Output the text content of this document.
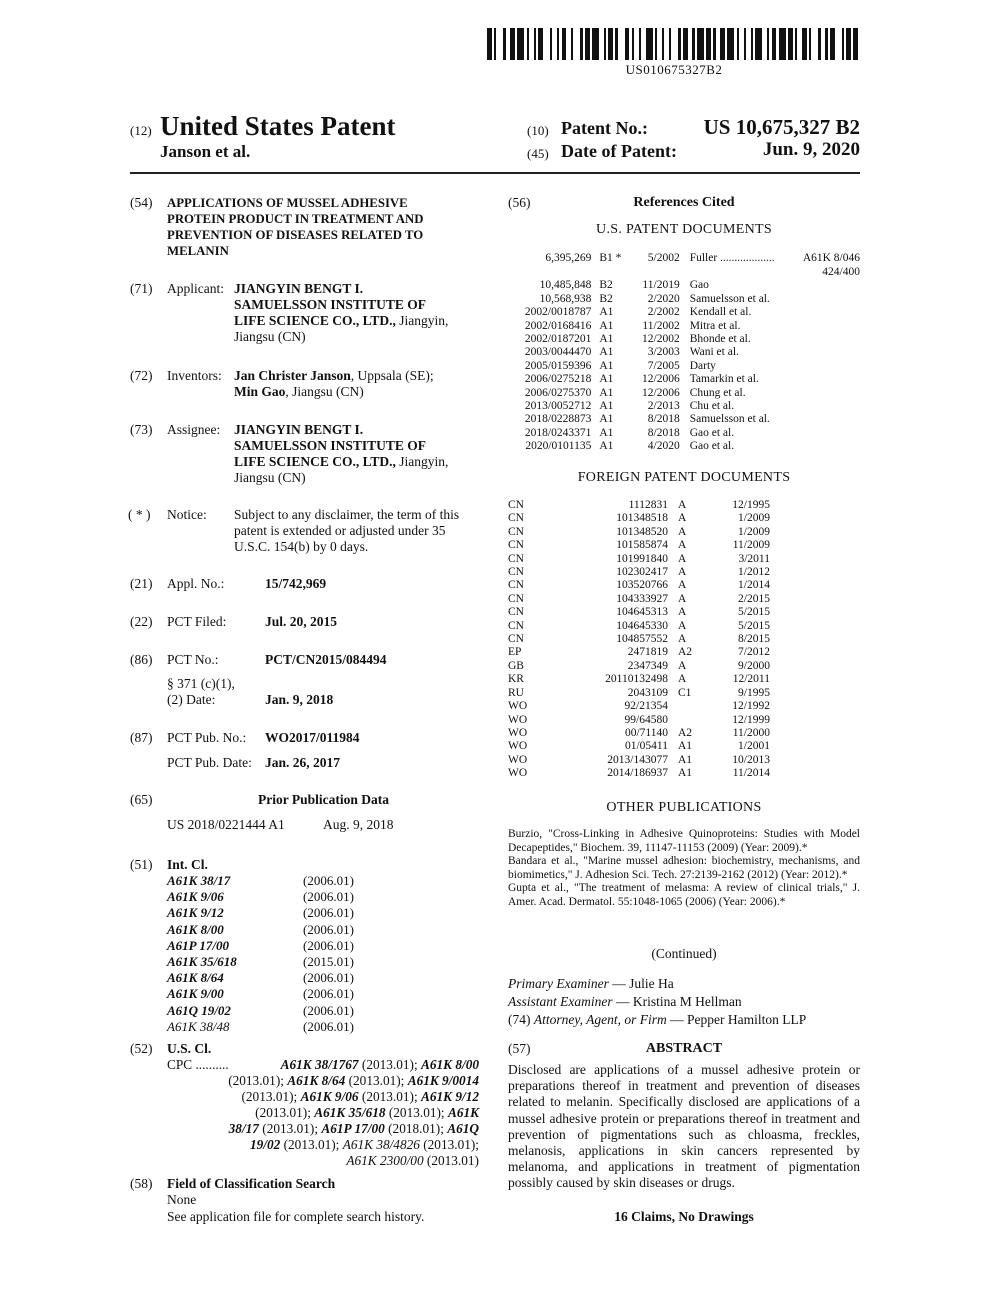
US010675327B2
(12) United States Patent
Janson et al.
(10) Patent No.:	US 10,675,327 B2
(45) Date of Patent:	Jun. 9, 2020
(54) APPLICATIONS OF MUSSEL ADHESIVE
PROTEIN PRODUCT IN TREATMENT AND
PREVENTION OF DISEASES RELATED TO
MELANIN
(71) Applicant: JIANGYIN BENGT I.
SAMUELSSON INSTITUTE OF
LIFE SCIENCE CO., LTD., Jiangyin,
Jiangsu (CN)
(72) Inventors: Jan Christer Janson, Uppsala (SE);
Min Gao, Jiangsu (CN)
(73) Assignee: JIANGYIN BENGT I.
SAMUELSSON INSTITUTE OF
LIFE SCIENCE CO., LTD., Jiangyin,
Jiangsu (CN)
( * ) Notice: Subject to any disclaimer, the term of this
patent is extended or adjusted under 35
U.S.C. 154(b) by 0 days.
(21) Appl. No.:	15/742,969
(22) PCT Filed:	Jul. 20, 2015
(86) PCT No.:	PCT/CN2015/084494
§ 371 (c)(1),
(2) Date:	Jan. 9, 2018
(87) PCT Pub. No.: WO2017/011984
PCT Pub. Date: Jan. 26, 2017
(65)	Prior Publication Data
US 2018/0221444 A1	Aug. 9, 2018
(51) Int. Cl.
A61K 38/17	(2006.01)
A61K 9/06	(2006.01)
A61K 9/12	(2006.01)
A61K 8/00	(2006.01)
A61P 17/00	(2006.01)
A61K 35/618	(2015.01)
A61K 8/64	(2006.01)
A61K 9/00	(2006.01)
A61Q 19/02	(2006.01)
A61K 38/48	(2006.01)
(52) U.S. Cl.
CPC ..........	A61K 38/1767 (2013.01); A61K 8/00
(2013.01); A61K 8/64 (2013.01); A61K 9/0014
(2013.01); A61K 9/06 (2013.01); A61K 9/12
(2013.01); A61K 35/618 (2013.01); A61K
38/17 (2013.01); A61P 17/00 (2018.01); A61Q
19/02 (2013.01); A61K 38/4826 (2013.01);
A61K 2300/00 (2013.01)
(58) Field of Classification Search
None
See application file for complete search history.
(56)	References Cited
U.S. PATENT DOCUMENTS
6,395,269	B1 *	5/2002	Fuller ...................	A61K 8/046
				424/400
10,485,848	B2	11/2019	Gao	
10,568,938	B2	2/2020	Samuelsson et al.	
2002/0018787	A1	2/2002	Kendall et al.	
2002/0168416	A1	11/2002	Mitra et al.	
2002/0187201	A1	12/2002	Bhonde et al.	
2003/0044470	A1	3/2003	Wani et al.	
2005/0159396	A1	7/2005	Darty	
2006/0275218	A1	12/2006	Tamarkin et al.	
2006/0275370	A1	12/2006	Chung et al.	
2013/0052712	A1	2/2013	Chu et al.	
2018/0228873	A1	8/2018	Samuelsson et al.	
2018/0243371	A1	8/2018	Gao et al.	
2020/0101135	A1	4/2020	Gao et al.	
FOREIGN PATENT DOCUMENTS
CN	1112831	A	12/1995
CN	101348518	A	1/2009
CN	101348520	A	1/2009
CN	101585874	A	11/2009
CN	101991840	A	3/2011
CN	102302417	A	1/2012
CN	103520766	A	1/2014
CN	104333927	A	2/2015
CN	104645313	A	5/2015
CN	104645330	A	5/2015
CN	104857552	A	8/2015
EP	2471819	A2	7/2012
GB	2347349	A	9/2000
KR	20110132498	A	12/2011
RU	2043109	C1	9/1995
WO	92/21354		12/1992
WO	99/64580		12/1999
WO	00/71140	A2	11/2000
WO	01/05411	A1	1/2001
WO	2013/143077	A1	10/2013
WO	2014/186937	A1	11/2014
OTHER PUBLICATIONS
Burzio, "Cross-Linking in Adhesive Quinoproteins: Studies with Model Decapeptides," Biochem. 39, 11147-11153 (2009) (Year: 2009).*
Bandara et al., "Marine mussel adhesion: biochemistry, mechanisms, and biomimetics," J. Adhesion Sci. Tech. 27:2139-2162 (2012) (Year: 2012).*
Gupta et al., "The treatment of melasma: A review of clinical trials," J. Amer. Acad. Dermatol. 55:1048-1065 (2006) (Year: 2006).*
(Continued)
Primary Examiner — Julie Ha
Assistant Examiner — Kristina M Hellman
(74) Attorney, Agent, or Firm — Pepper Hamilton LLP
(57)	ABSTRACT
Disclosed are applications of a mussel adhesive protein or preparations thereof in treatment and prevention of diseases related to melanin. Specifically disclosed are applications of a mussel adhesive protein or preparations thereof in treatment and prevention of pigmentations such as chloasma, freckles, melanosis, applications in skin cancers represented by melanoma, and applications in treatment of pigmentation possibly caused by skin diseases or drugs.
16 Claims, No Drawings
